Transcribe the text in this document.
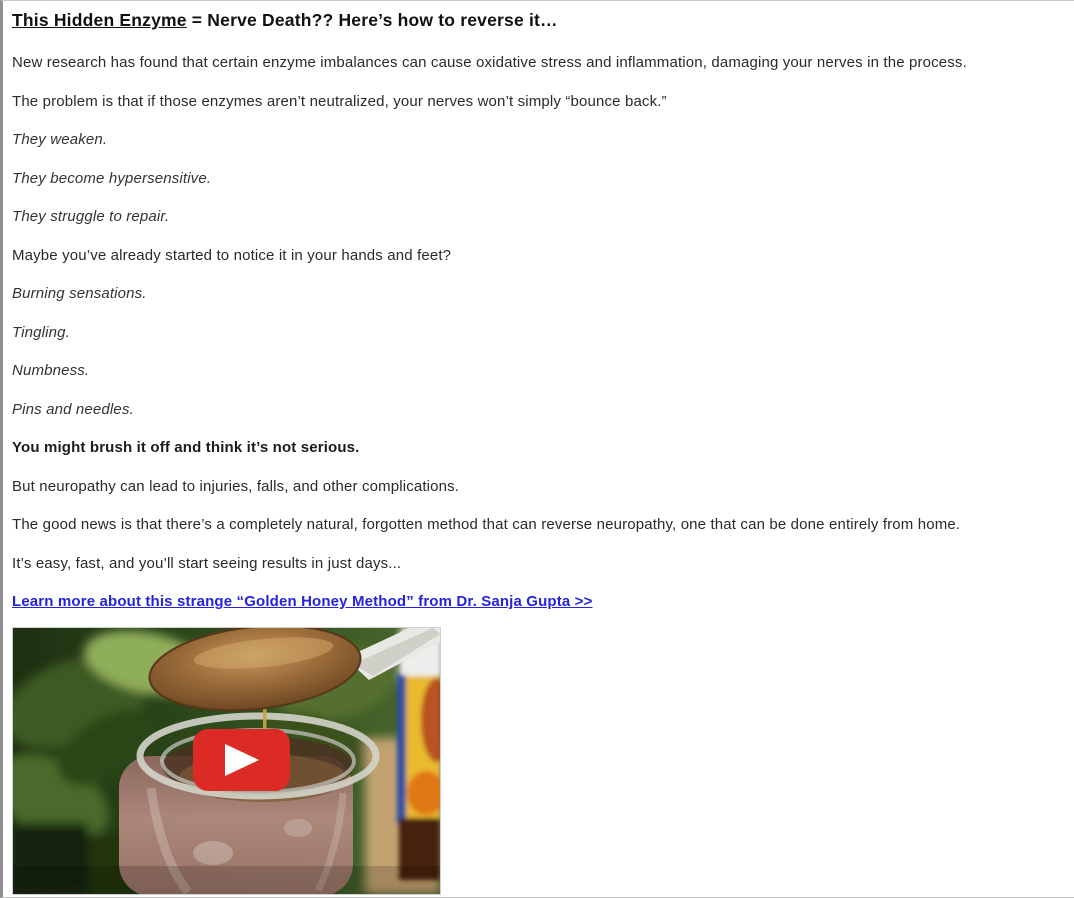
This Hidden Enzyme = Nerve Death?? Here’s how to reverse it…

New research has found that certain enzyme imbalances can cause oxidative stress and inflammation, damaging your nerves in the process.

The problem is that if those enzymes aren’t neutralized, your nerves won’t simply “bounce back.”

They weaken.

They become hypersensitive.

They struggle to repair.

Maybe you’ve already started to notice it in your hands and feet?

Burning sensations.

Tingling.

Numbness.

Pins and needles.

You might brush it off and think it’s not serious.

But neuropathy can lead to injuries, falls, and other complications.

The good news is that there’s a completely natural, forgotten method that can reverse neuropathy, one that can be done entirely from home.

It’s easy, fast, and you’ll start seeing results in just days...

Learn more about this strange “Golden Honey Method” from Dr. Sanja Gupta >>
